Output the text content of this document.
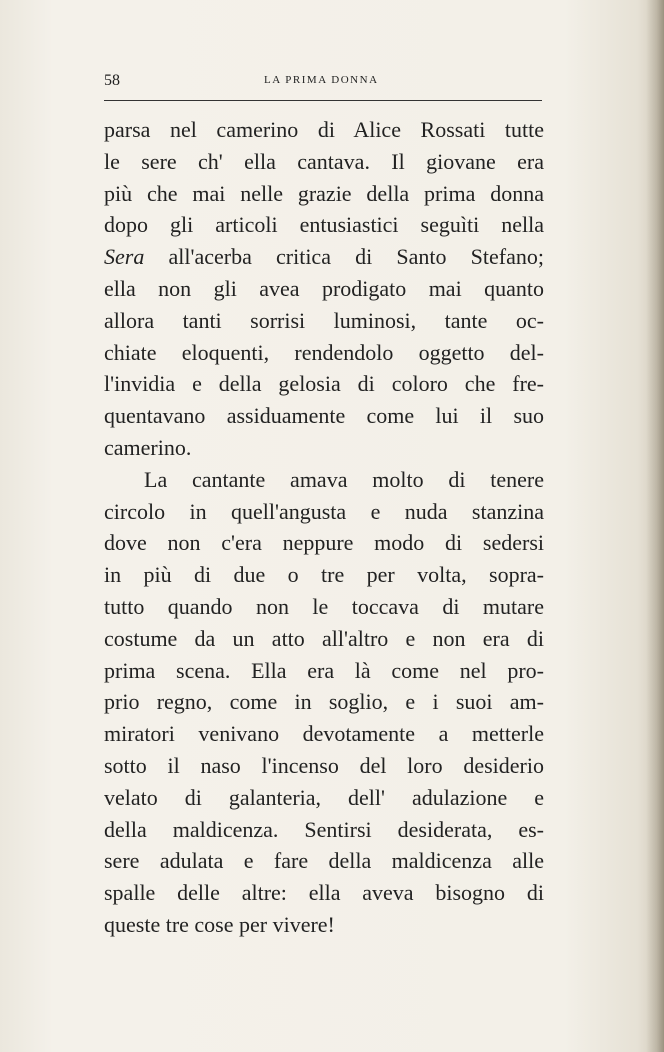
58	LA PRIMA DONNA
parsa nel camerino di Alice Rossati tutte
le sere ch' ella cantava. Il giovane era
più che mai nelle grazie della prima donna
dopo gli articoli entusiastici seguìti nella
Sera all'acerba critica di Santo Stefano;
ella non gli avea prodigato mai quanto
allora tanti sorrisi luminosi, tante oc-
chiate eloquenti, rendendolo oggetto del-
l'invidia e della gelosia di coloro che fre-
quentavano assiduamente come lui il suo
camerino.
La cantante amava molto di tenere
circolo in quell'angusta e nuda stanzina
dove non c'era neppure modo di sedersi
in più di due o tre per volta, sopra-
tutto quando non le toccava di mutare
costume da un atto all'altro e non era di
prima scena. Ella era là come nel pro-
prio regno, come in soglio, e i suoi am-
miratori venivano devotamente a metterle
sotto il naso l'incenso del loro desiderio
velato di galanteria, dell' adulazione e
della maldicenza. Sentirsi desiderata, es-
sere adulata e fare della maldicenza alle
spalle delle altre: ella aveva bisogno di
queste tre cose per vivere!
